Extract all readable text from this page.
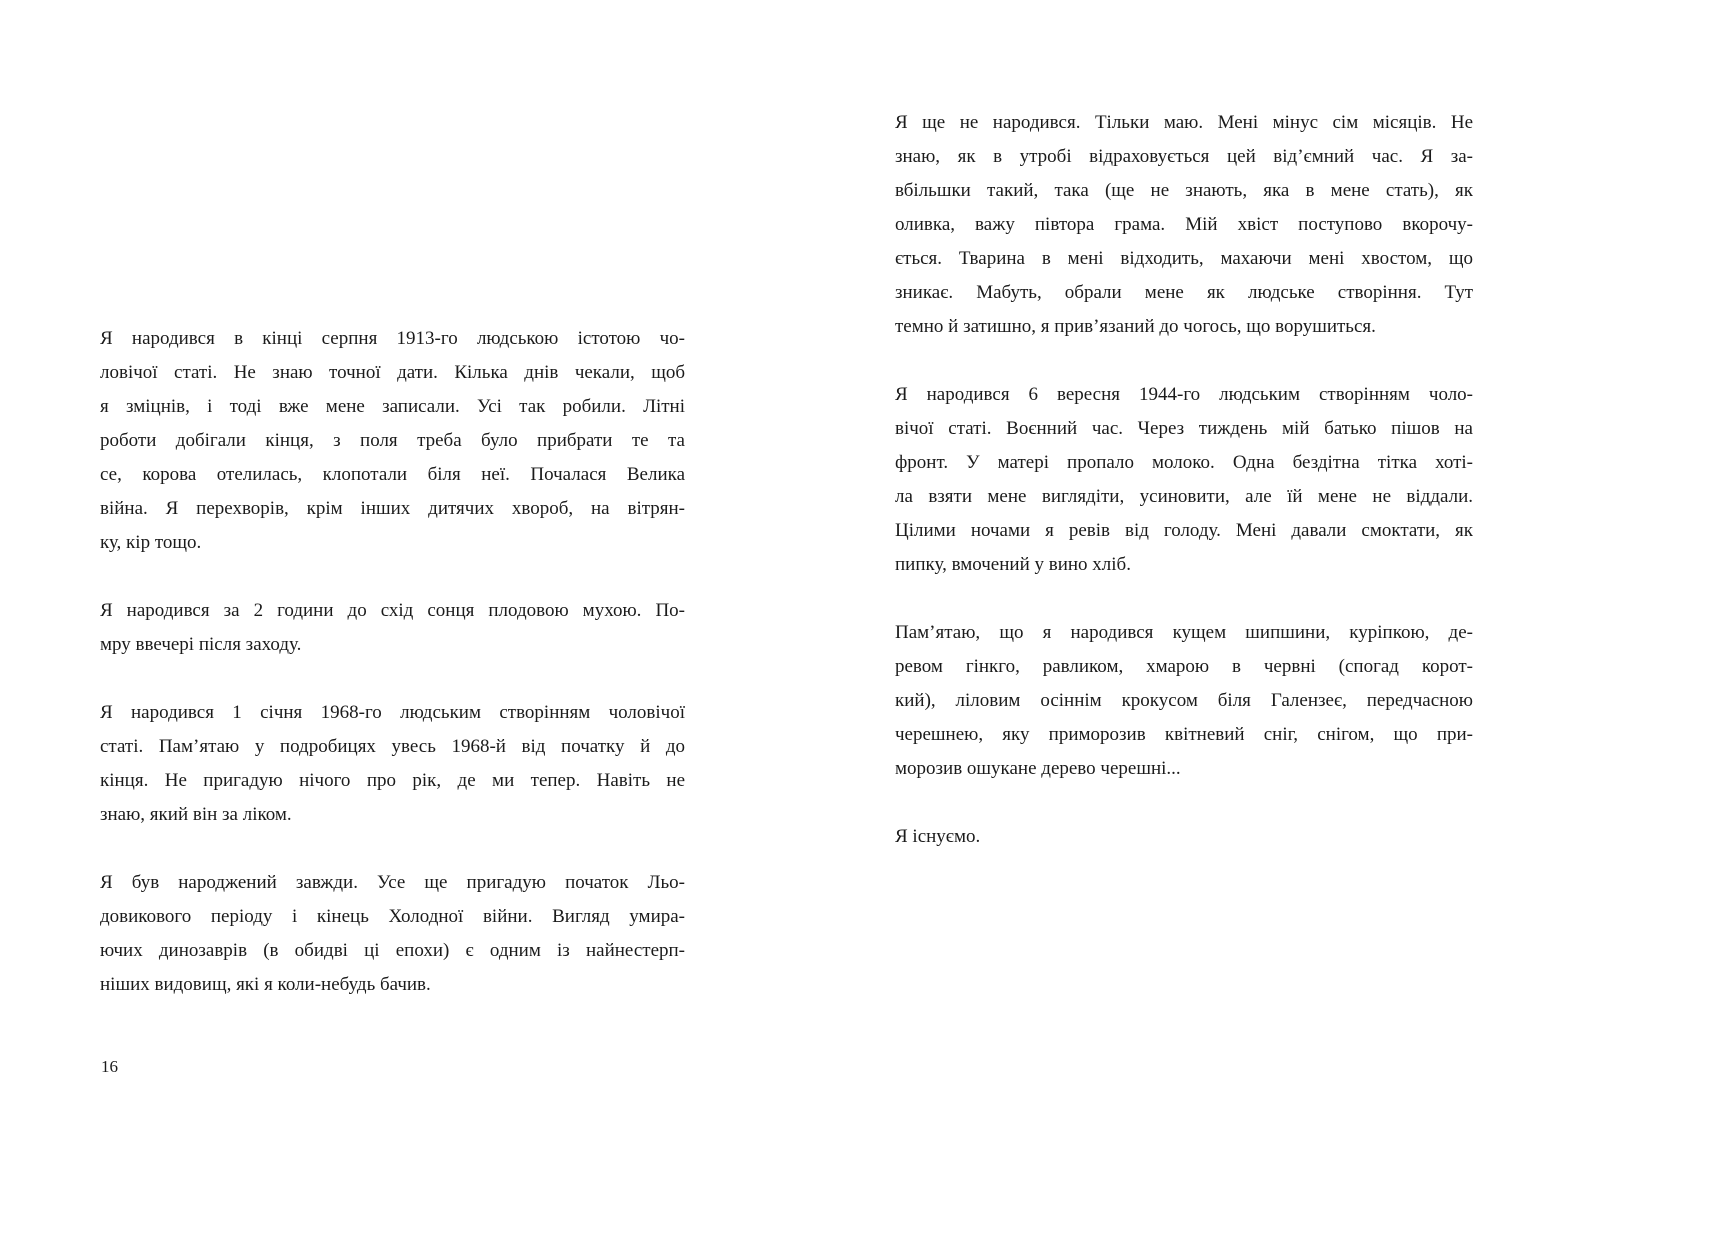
Я народився в кінці серпня 1913-го людською істотою чо-
ловічої статі. Не знаю точної дати. Кілька днів чекали, щоб
я зміцнів, і тоді вже мене записали. Усі так робили. Літні
роботи добігали кінця, з поля треба було прибрати те та
се, корова отелилась, клопотали біля неї. Почалася Велика
війна. Я перехворів, крім інших дитячих хвороб, на вітрян-
ку, кір тощо.
Я народився за 2 години до схід сонця плодовою мухою. По-
мру ввечері після заходу.
Я народився 1 січня 1968-го людським створінням чоловічої
статі. Пам’ятаю у подробицях увесь 1968-й від початку й до
кінця. Не пригадую нічого про рік, де ми тепер. Навіть не
знаю, який він за ліком.
Я був народжений завжди. Усе ще пригадую початок Льо-
довикового періоду і кінець Холодної війни. Вигляд умира-
ючих динозаврів (в обидві ці епохи) є одним із найнестерп-
ніших видовищ, які я коли-небудь бачив.
Я ще не народився. Тільки маю. Мені мінус сім місяців. Не
знаю, як в утробі відраховується цей від’ємний час. Я за-
вбільшки такий, така (ще не знають, яка в мене стать), як
оливка, важу півтора грама. Мій хвіст поступово вкорочу-
ється. Тварина в мені відходить, махаючи мені хвостом, що
зникає. Мабуть, обрали мене як людське створіння. Тут
темно й затишно, я прив’язаний до чогось, що ворушиться.
Я народився 6 вересня 1944-го людським створінням чоло-
вічої статі. Воєнний час. Через тиждень мій батько пішов на
фронт. У матері пропало молоко. Одна бездітна тітка хоті-
ла взяти мене виглядіти, усиновити, але їй мене не віддали.
Цілими ночами я ревів від голоду. Мені давали смоктати, як
пипку, вмочений у вино хліб.
Пам’ятаю, що я народився кущем шипшини, куріпкою, де-
ревом гінкго, равликом, хмарою в червні (спогад корот-
кий), ліловим осіннім крокусом біля Галензеє, передчасною
черешнею, яку приморозив квітневий сніг, снігом, що при-
морозив ошукане дерево черешні...
Я існуємо.
16
